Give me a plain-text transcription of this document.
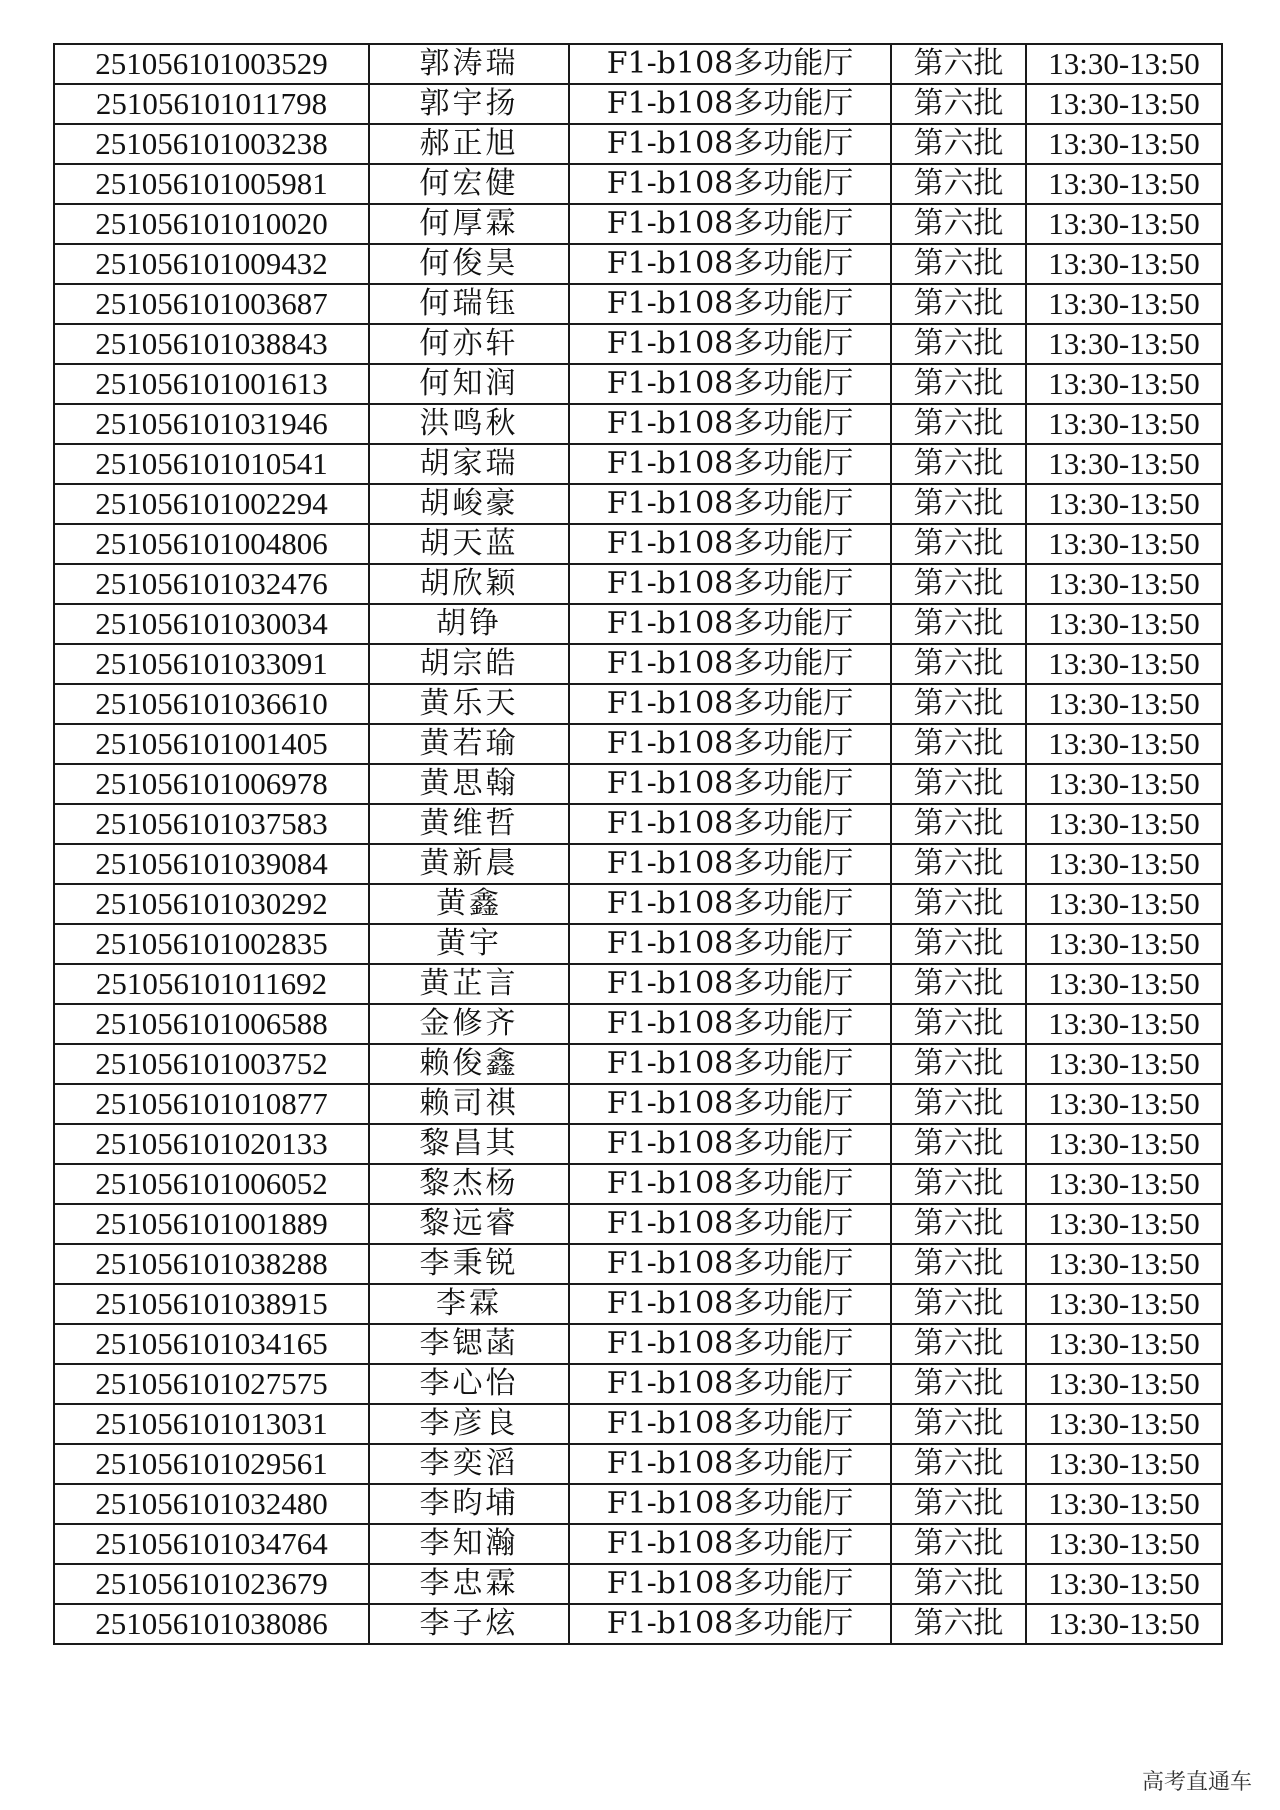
251056101003529	郭涛瑞	F1-b108多功能厅	第六批	13:30-13:50
251056101011798	郭宇扬	F1-b108多功能厅	第六批	13:30-13:50
251056101003238	郝正旭	F1-b108多功能厅	第六批	13:30-13:50
251056101005981	何宏健	F1-b108多功能厅	第六批	13:30-13:50
251056101010020	何厚霖	F1-b108多功能厅	第六批	13:30-13:50
251056101009432	何俊昊	F1-b108多功能厅	第六批	13:30-13:50
251056101003687	何瑞钰	F1-b108多功能厅	第六批	13:30-13:50
251056101038843	何亦轩	F1-b108多功能厅	第六批	13:30-13:50
251056101001613	何知润	F1-b108多功能厅	第六批	13:30-13:50
251056101031946	洪鸣秋	F1-b108多功能厅	第六批	13:30-13:50
251056101010541	胡家瑞	F1-b108多功能厅	第六批	13:30-13:50
251056101002294	胡峻豪	F1-b108多功能厅	第六批	13:30-13:50
251056101004806	胡天蓝	F1-b108多功能厅	第六批	13:30-13:50
251056101032476	胡欣颖	F1-b108多功能厅	第六批	13:30-13:50
251056101030034	胡铮	F1-b108多功能厅	第六批	13:30-13:50
251056101033091	胡宗皓	F1-b108多功能厅	第六批	13:30-13:50
251056101036610	黄乐天	F1-b108多功能厅	第六批	13:30-13:50
251056101001405	黄若瑜	F1-b108多功能厅	第六批	13:30-13:50
251056101006978	黄思翰	F1-b108多功能厅	第六批	13:30-13:50
251056101037583	黄维哲	F1-b108多功能厅	第六批	13:30-13:50
251056101039084	黄新晨	F1-b108多功能厅	第六批	13:30-13:50
251056101030292	黄鑫	F1-b108多功能厅	第六批	13:30-13:50
251056101002835	黄宇	F1-b108多功能厅	第六批	13:30-13:50
251056101011692	黄芷言	F1-b108多功能厅	第六批	13:30-13:50
251056101006588	金修齐	F1-b108多功能厅	第六批	13:30-13:50
251056101003752	赖俊鑫	F1-b108多功能厅	第六批	13:30-13:50
251056101010877	赖司祺	F1-b108多功能厅	第六批	13:30-13:50
251056101020133	黎昌其	F1-b108多功能厅	第六批	13:30-13:50
251056101006052	黎杰杨	F1-b108多功能厅	第六批	13:30-13:50
251056101001889	黎远睿	F1-b108多功能厅	第六批	13:30-13:50
251056101038288	李秉锐	F1-b108多功能厅	第六批	13:30-13:50
251056101038915	李霖	F1-b108多功能厅	第六批	13:30-13:50
251056101034165	李锶菡	F1-b108多功能厅	第六批	13:30-13:50
251056101027575	李心怡	F1-b108多功能厅	第六批	13:30-13:50
251056101013031	李彦良	F1-b108多功能厅	第六批	13:30-13:50
251056101029561	李奕滔	F1-b108多功能厅	第六批	13:30-13:50
251056101032480	李昀埔	F1-b108多功能厅	第六批	13:30-13:50
251056101034764	李知瀚	F1-b108多功能厅	第六批	13:30-13:50
251056101023679	李忠霖	F1-b108多功能厅	第六批	13:30-13:50
251056101038086	李子炫	F1-b108多功能厅	第六批	13:30-13:50
高考直通车
